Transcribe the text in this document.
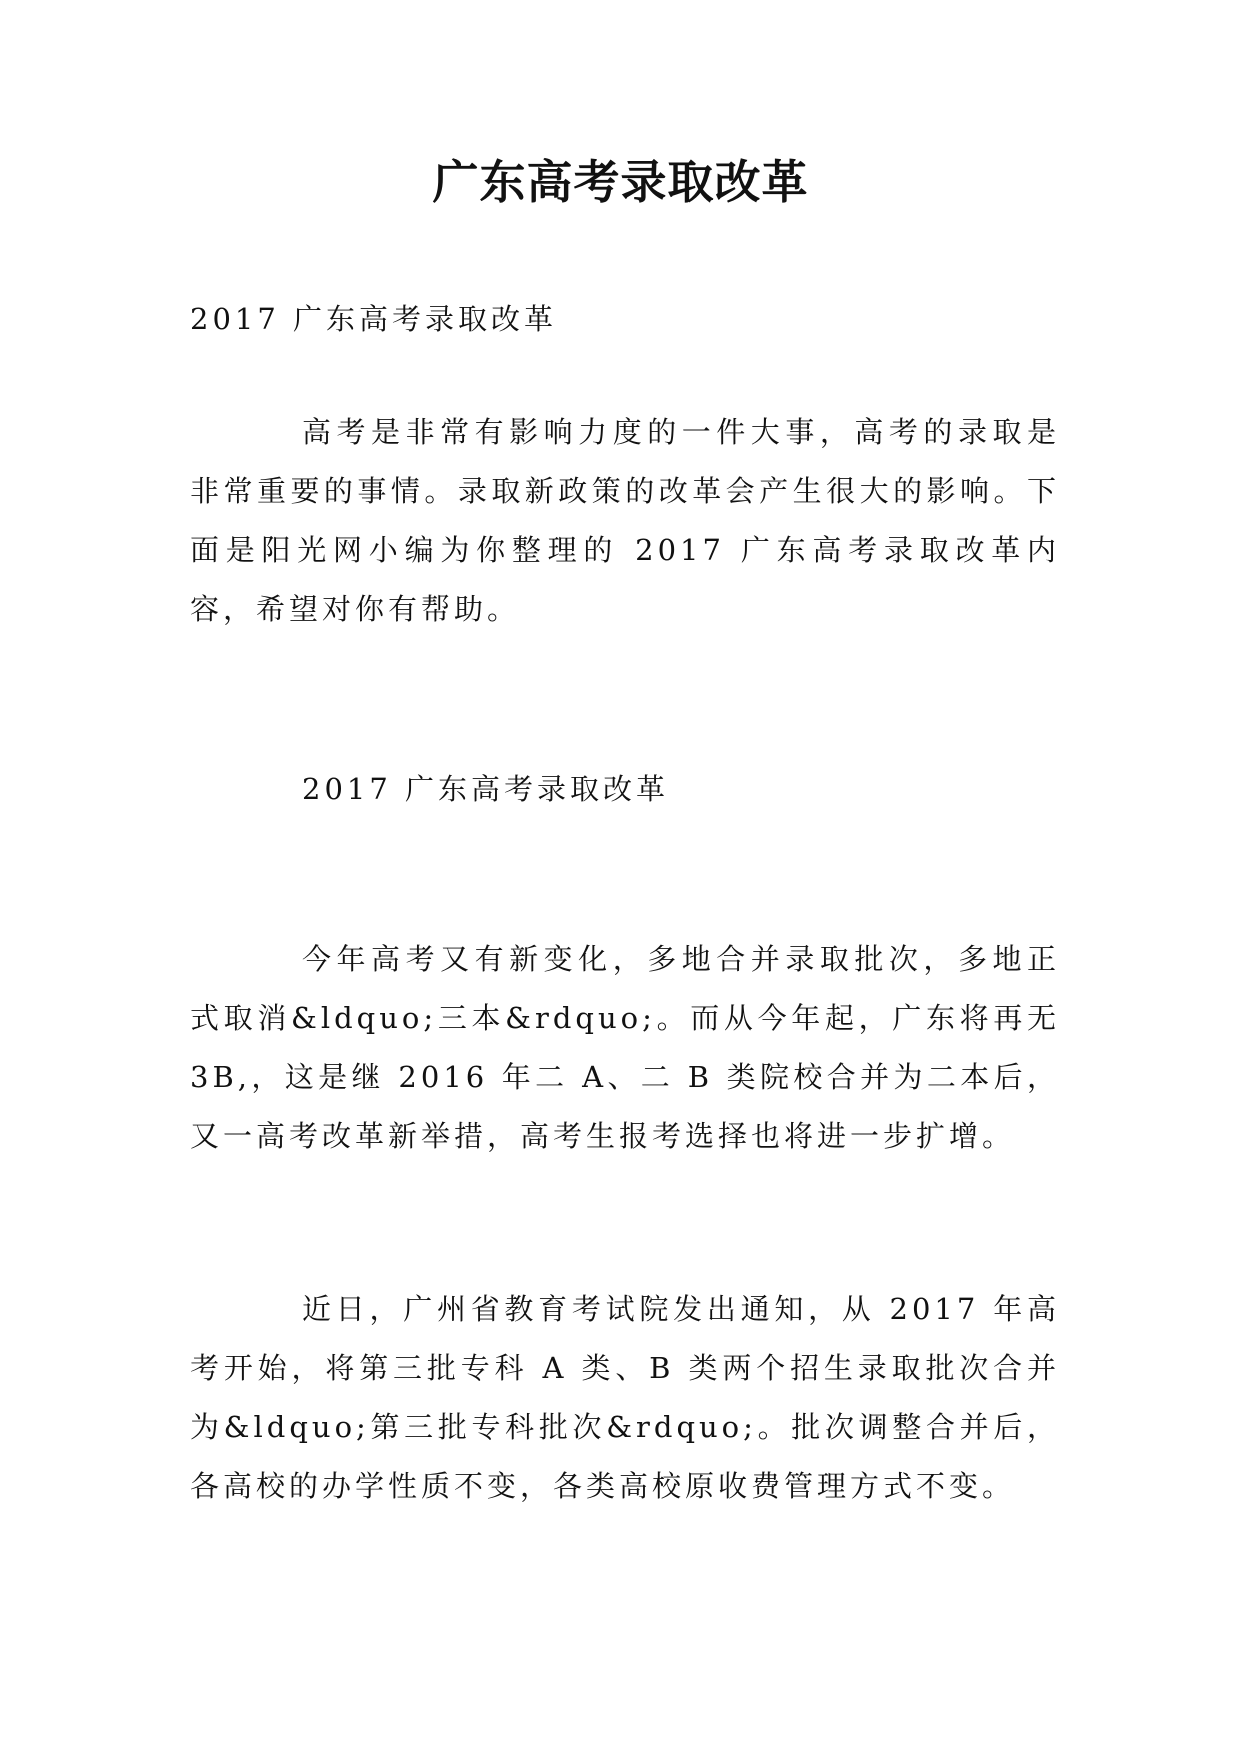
广东高考录取改革

2017 广东高考录取改革

高考是非常有影响力度的一件大事，高考的录取是非常重要的事情。录取新政策的改革会产生很大的影响。下面是阳光网小编为你整理的 2017 广东高考录取改革内容，希望对你有帮助。

2017 广东高考录取改革

今年高考又有新变化，多地合并录取批次，多地正式取消&ldquo;三本&rdquo;。而从今年起，广东将再无 3B,，这是继 2016 年二 A、二 B 类院校合并为二本后，又一高考改革新举措，高考生报考选择也将进一步扩增。

近日，广州省教育考试院发出通知，从 2017 年高考开始，将第三批专科 A 类、B 类两个招生录取批次合并为&ldquo;第三批专科批次&rdquo;。批次调整合并后，各高校的办学性质不变，各类高校原收费管理方式不变。
